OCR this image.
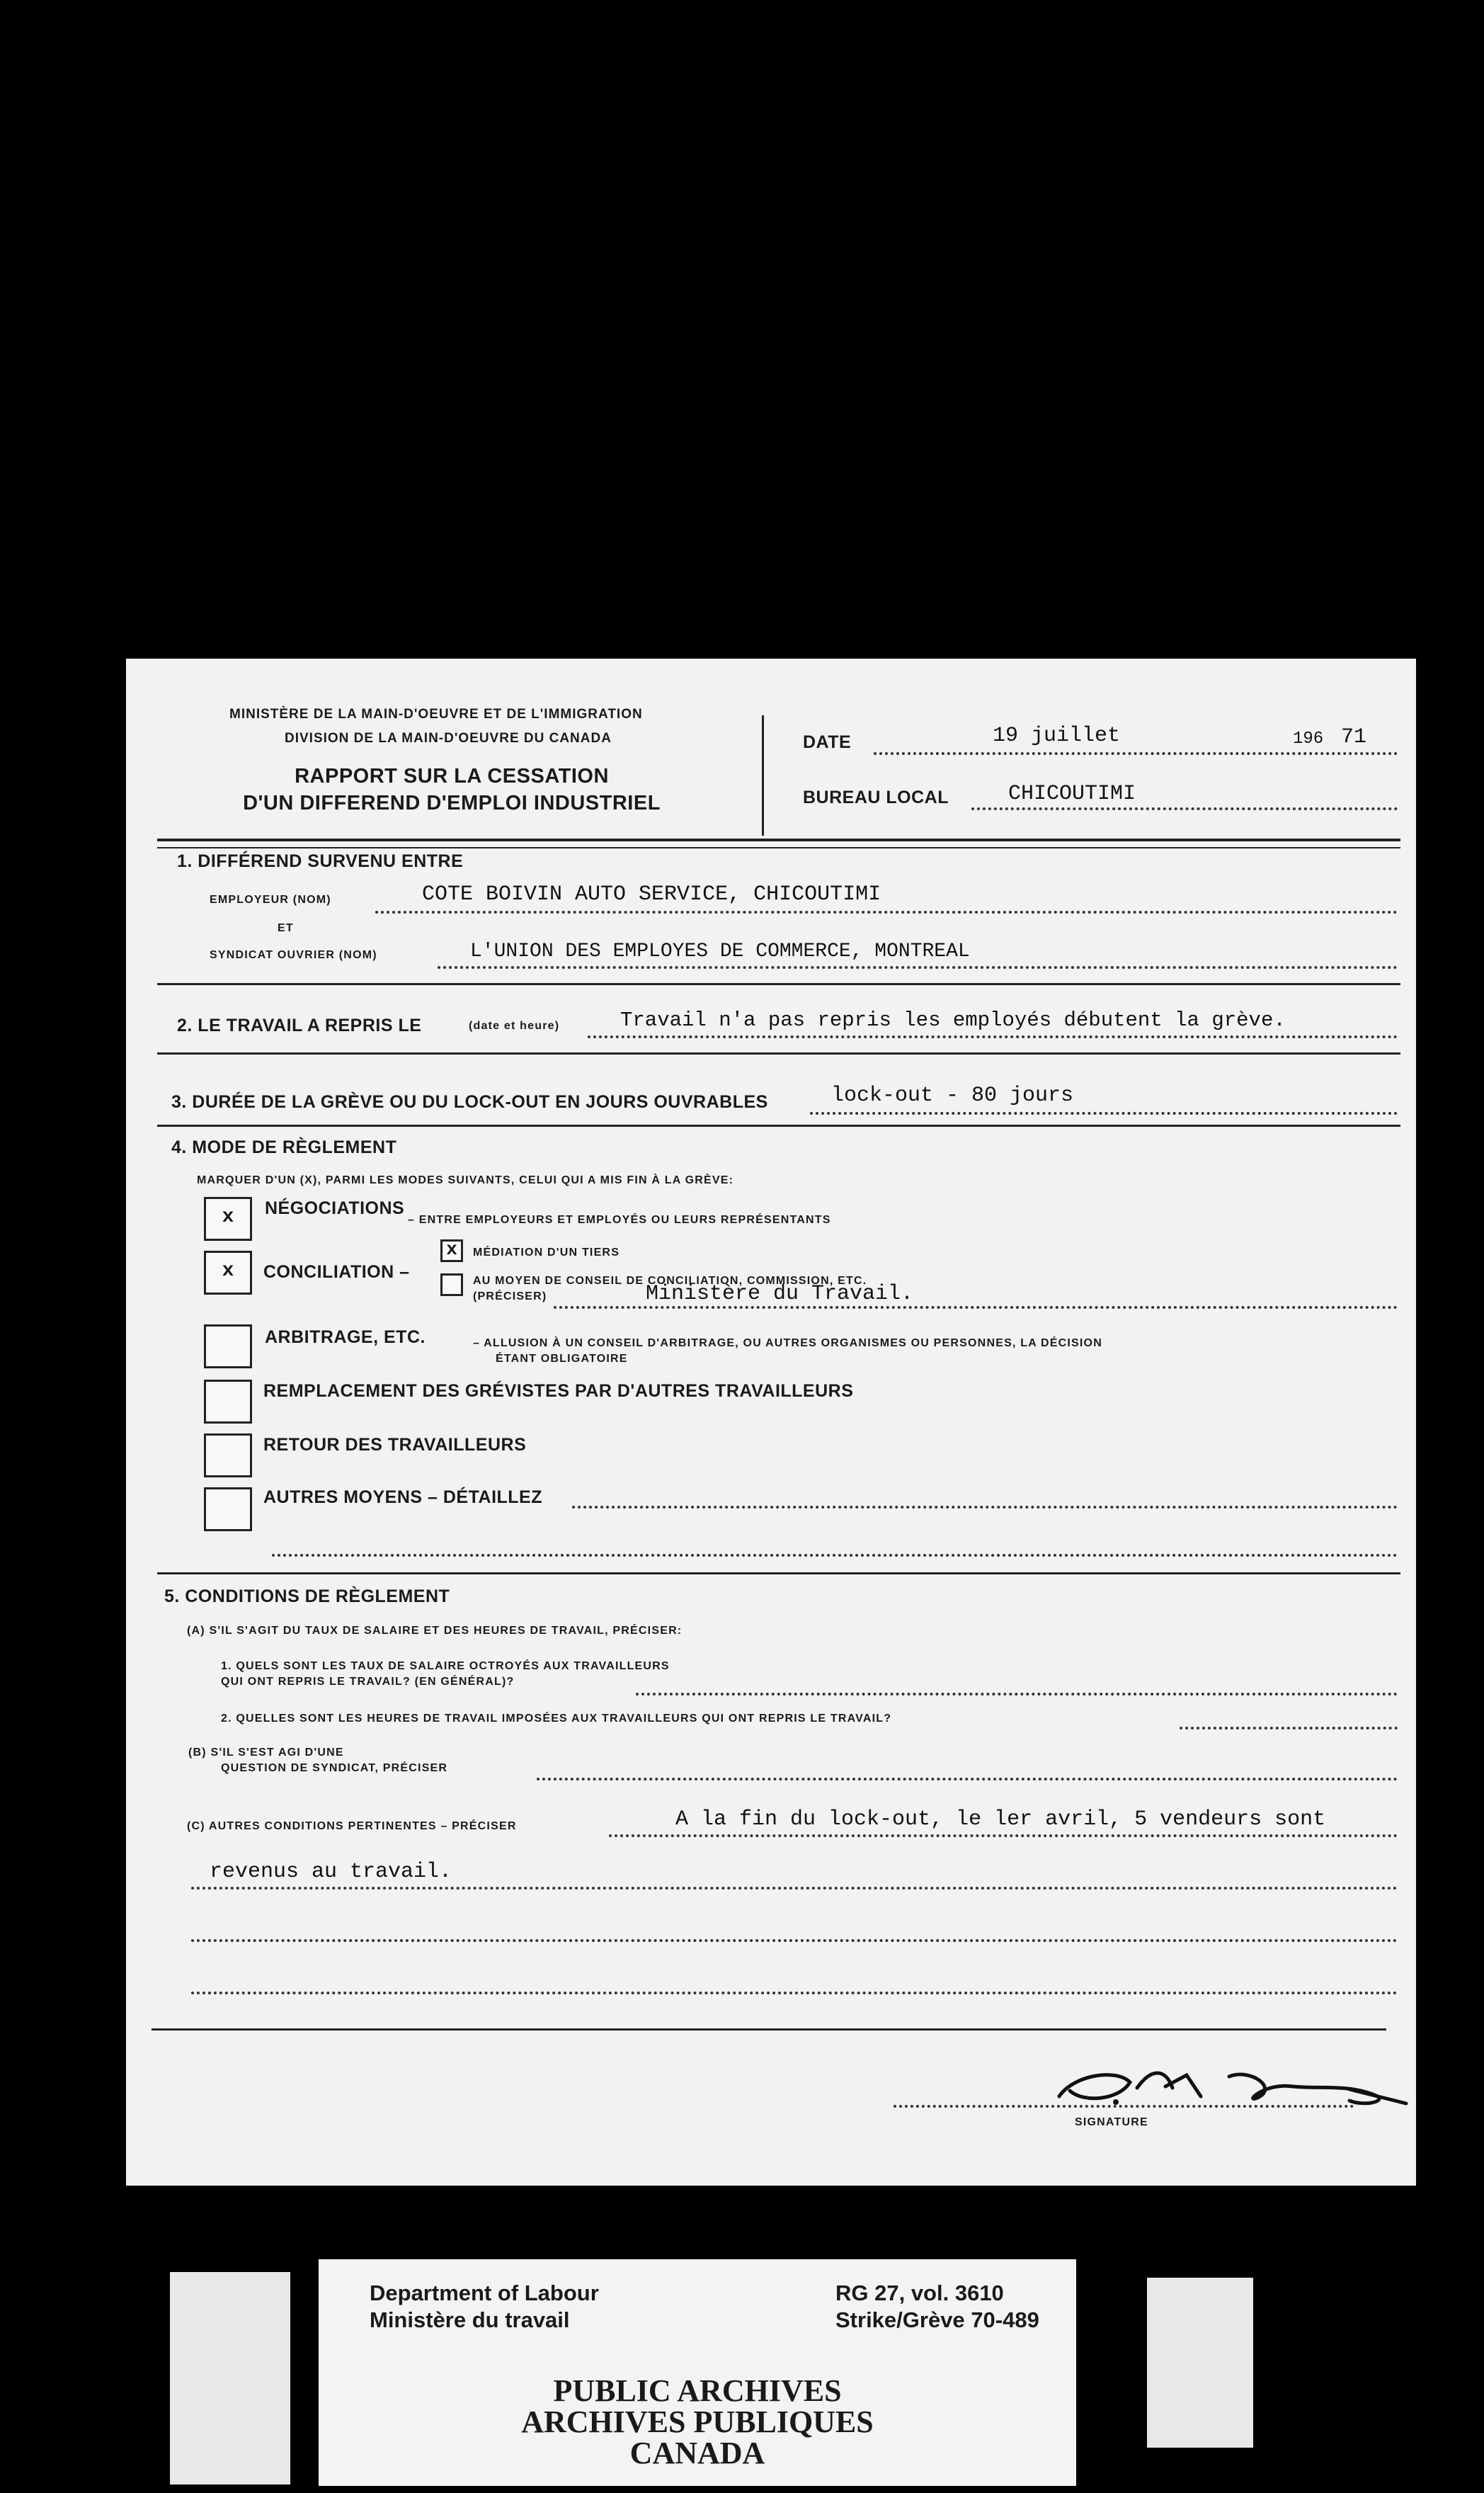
MINISTÈRE DE LA MAIN-D'OEUVRE ET DE L'IMMIGRATION
DIVISION DE LA MAIN-D'OEUVRE DU CANADA
RAPPORT SUR LA CESSATION
D'UN DIFFEREND D'EMPLOI INDUSTRIEL
DATE	19 juillet	196 71
BUREAU LOCAL	CHICOUTIMI
1. DIFFÉREND SURVENU ENTRE
EMPLOYEUR (NOM)	COTE BOIVIN AUTO SERVICE, CHICOUTIMI
ET
SYNDICAT OUVRIER (NOM)	L'UNION DES EMPLOYES DE COMMERCE, MONTREAL
2. LE TRAVAIL A REPRIS LE	(date et heure)	Travail n'a pas repris les employés débutent la grève.
3. DURÉE DE LA GRÈVE OU DU LOCK-OUT EN JOURS OUVRABLES	lock-out - 80 jours
4. MODE DE RÈGLEMENT
MARQUER D'UN (X), PARMI LES MODES SUIVANTS, CELUI QUI A MIS FIN À LA GRÈVE:
x	NÉGOCIATIONS
– ENTRE EMPLOYEURS ET EMPLOYÉS OU LEURS REPRÉSENTANTS
x	CONCILIATION –
x	MÉDIATION D'UN TIERS
AU MOYEN DE CONSEIL DE CONCILIATION, COMMISSION, ETC.
(PRÉCISER)	Ministère du Travail.
ARBITRAGE, ETC.	– ALLUSION À UN CONSEIL D'ARBITRAGE, OU AUTRES ORGANISMES OU PERSONNES, LA DÉCISION
ÉTANT OBLIGATOIRE
REMPLACEMENT DES GRÉVISTES PAR D'AUTRES TRAVAILLEURS
RETOUR DES TRAVAILLEURS
AUTRES MOYENS – DÉTAILLEZ
5. CONDITIONS DE RÈGLEMENT
(A) S'IL S'AGIT DU TAUX DE SALAIRE ET DES HEURES DE TRAVAIL, PRÉCISER:
1. QUELS SONT LES TAUX DE SALAIRE OCTROYÉS AUX TRAVAILLEURS
QUI ONT REPRIS LE TRAVAIL? (EN GÉNÉRAL)?
2. QUELLES SONT LES HEURES DE TRAVAIL IMPOSÉES AUX TRAVAILLEURS QUI ONT REPRIS LE TRAVAIL?
(B) S'IL S'EST AGI D'UNE
QUESTION DE SYNDICAT, PRÉCISER
(C) AUTRES CONDITIONS PERTINENTES – PRÉCISER	A la fin du lock-out, le ler avril, 5 vendeurs sont
revenus au travail.
SIGNATURE
Department of Labour
Ministère du travail
RG 27, vol. 3610
Strike/Grève 70-489
PUBLIC ARCHIVES
ARCHIVES PUBLIQUES
CANADA
